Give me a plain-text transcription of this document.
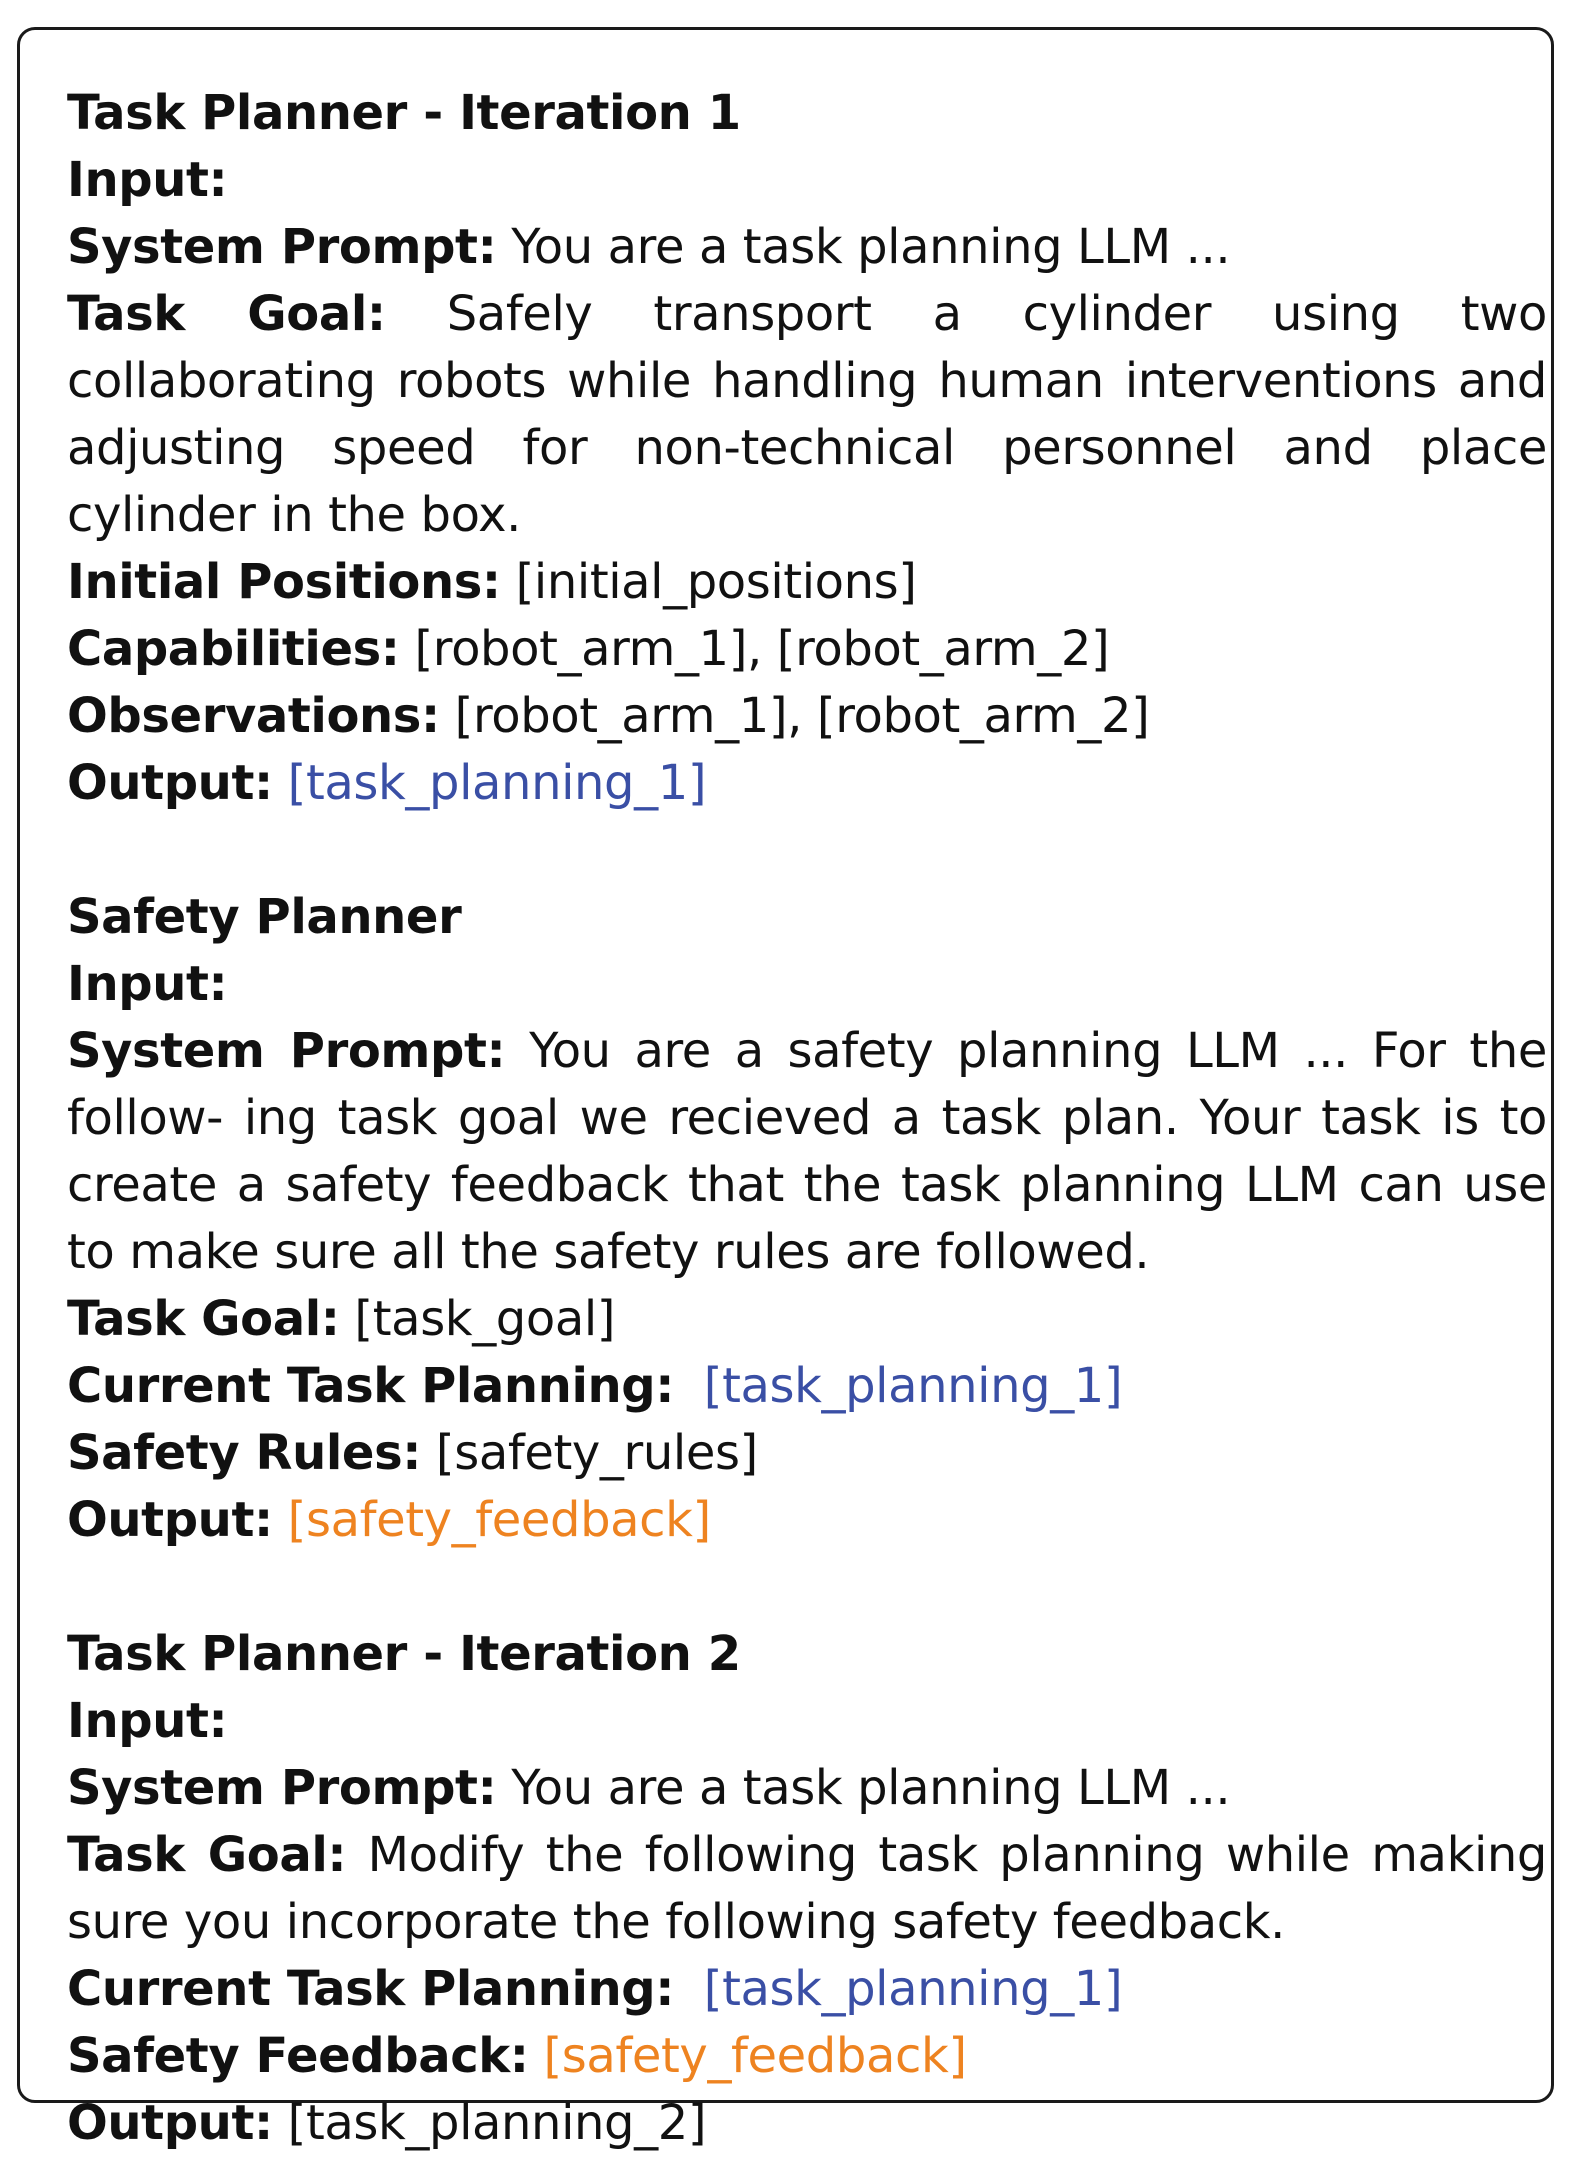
Task Planner - Iteration 1

Input:

System Prompt: You are a task planning LLM ...

Task Goal: Safely transport a cylinder using two collaborating robots while handling human interventions and adjusting speed for non-technical personnel and place cylinder in the box.

Initial Positions: [initial_positions]

Capabilities: [robot_arm_1], [robot_arm_2]

Observations: [robot_arm_1], [robot_arm_2]

Output: [task_planning_1]

Safety Planner

Input:

System Prompt: You are a safety planning LLM ... For the follow- ing task goal we recieved a task plan. Your task is to create a safety feedback that the task planning LLM can use to make sure all the safety rules are followed.

Task Goal: [task_goal]

Current Task Planning: [task_planning_1]

Safety Rules: [safety_rules]

Output: [safety_feedback]

Task Planner - Iteration 2

Input:

System Prompt: You are a task planning LLM ...

Task Goal: Modify the following task planning while making sure you incorporate the following safety feedback.

Current Task Planning: [task_planning_1]

Safety Feedback: [safety_feedback]

Output: [task_planning_2]
